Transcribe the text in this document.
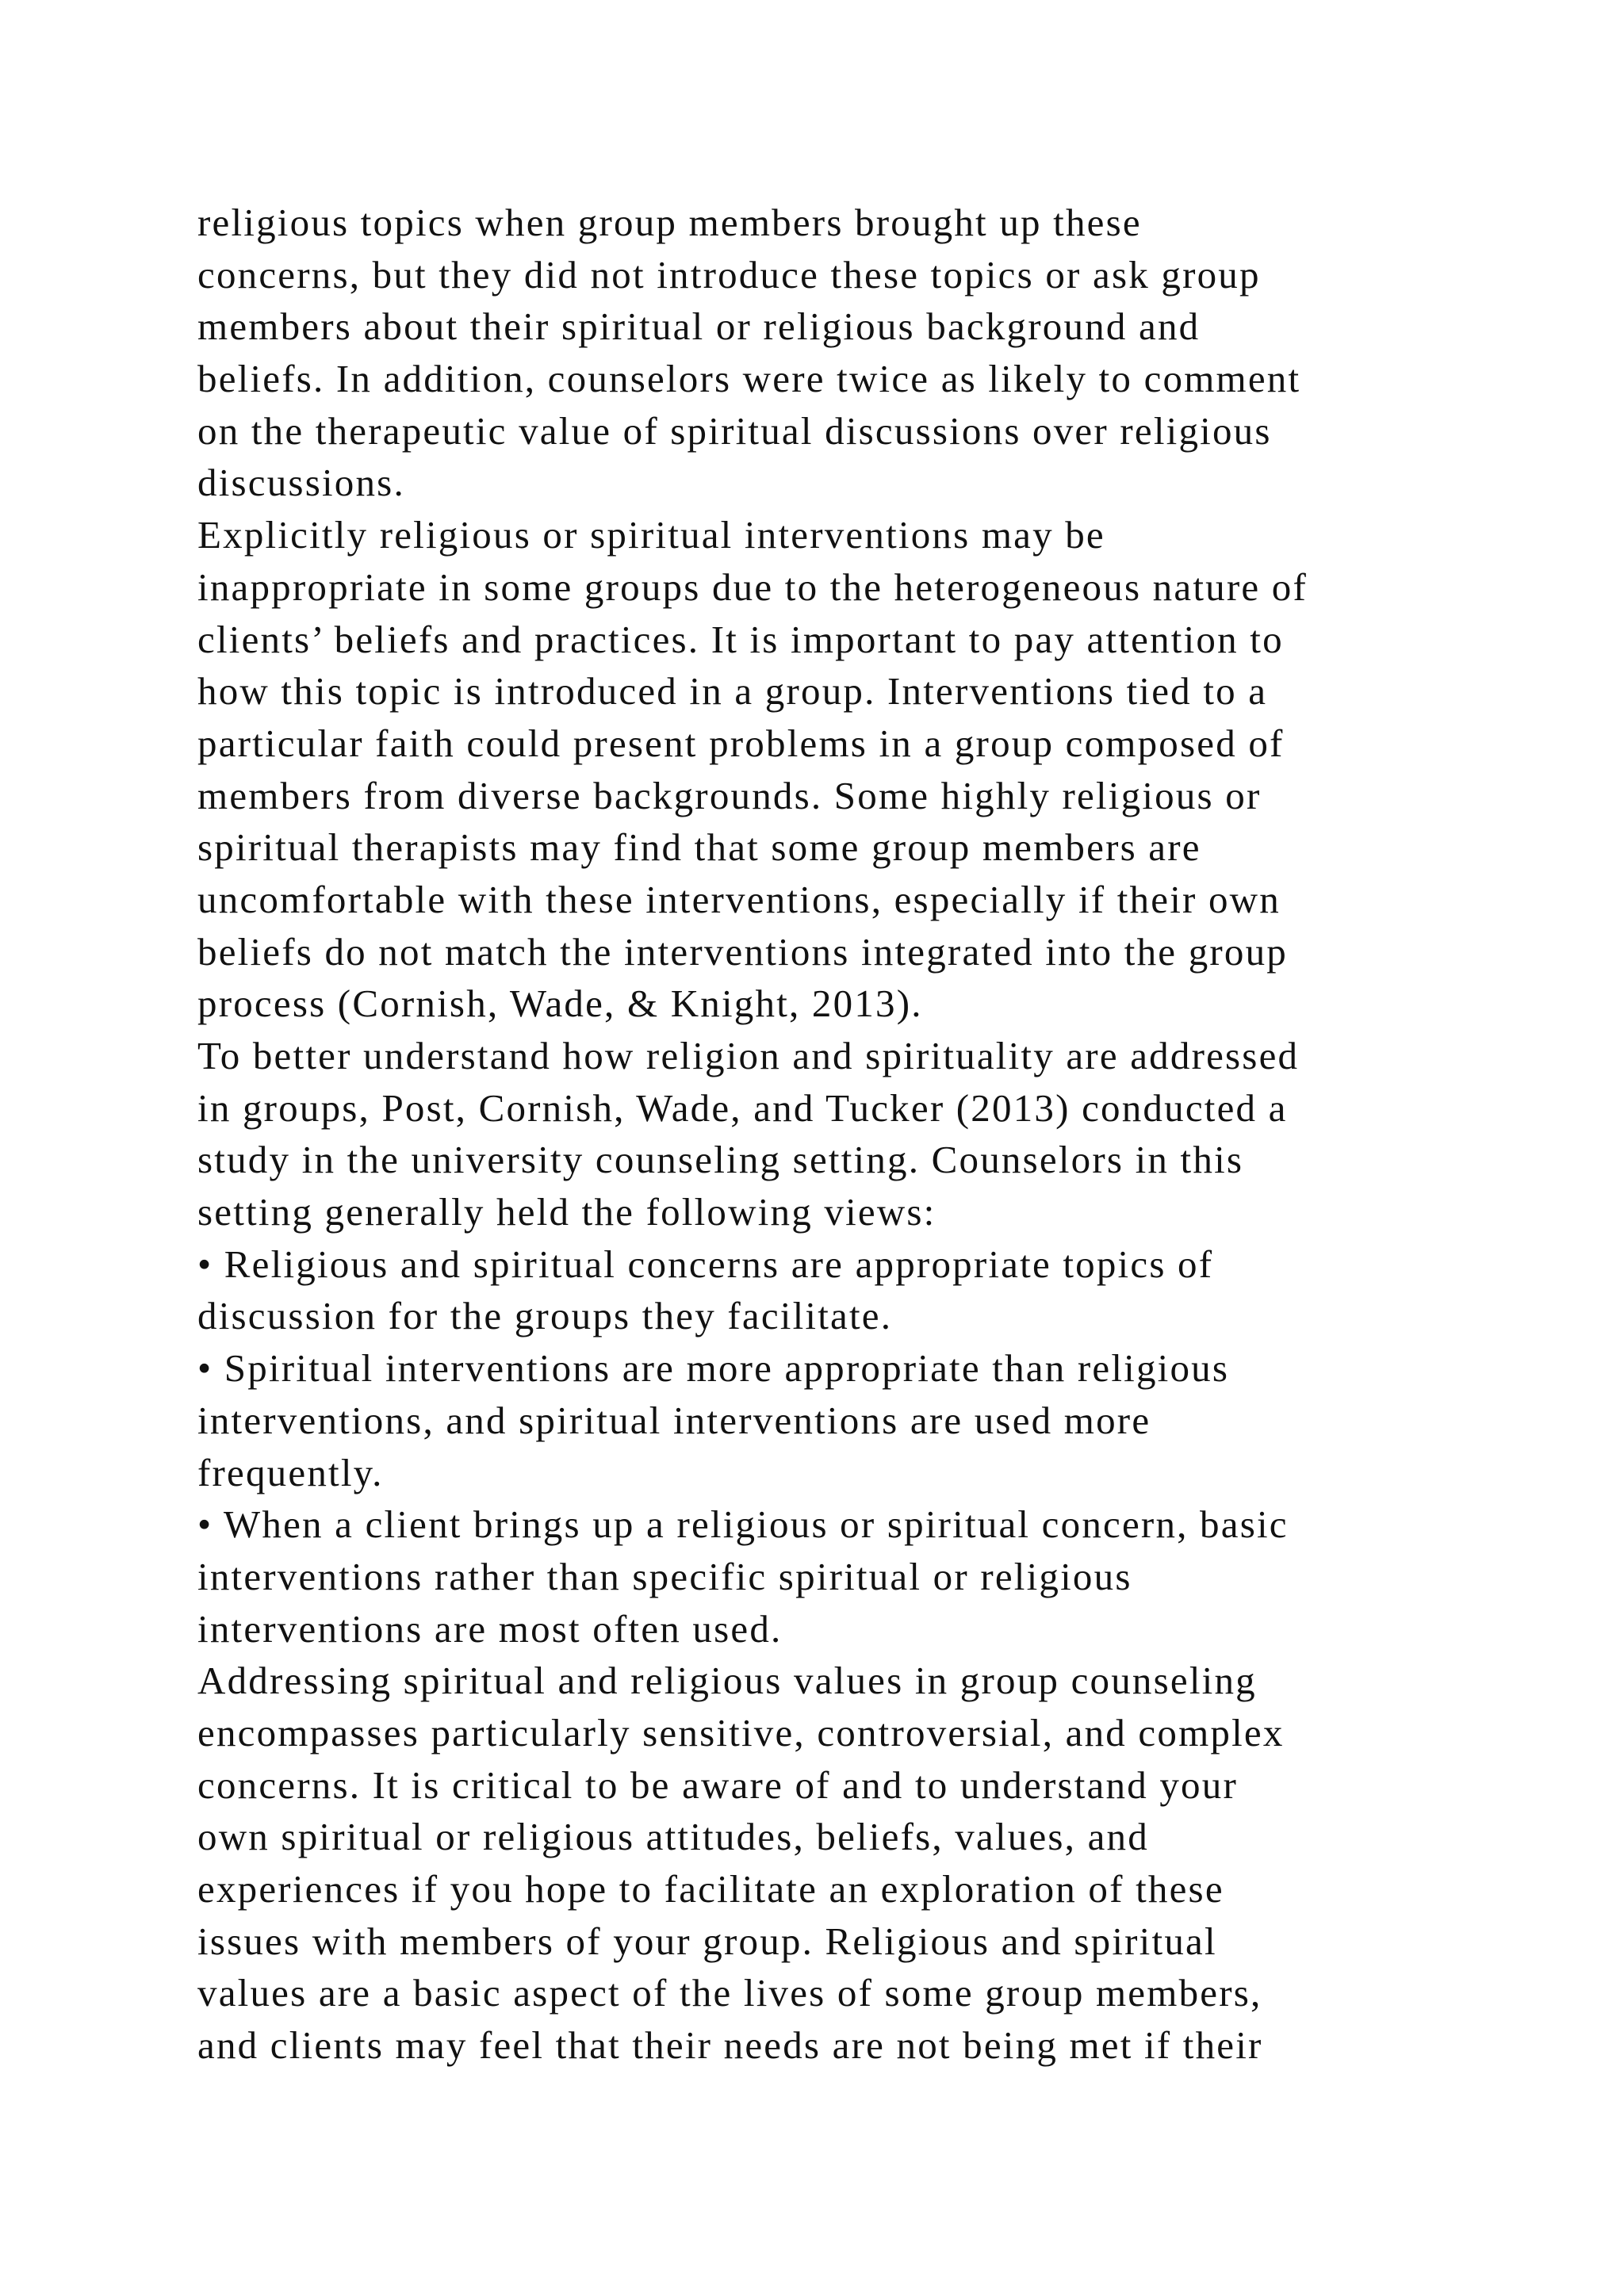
religious topics when group members brought up these
concerns, but they did not introduce these topics or ask group
members about their spiritual or religious background and
beliefs. In addition, counselors were twice as likely to comment
on the therapeutic value of spiritual discussions over religious
discussions.
Explicitly religious or spiritual interventions may be
inappropriate in some groups due to the heterogeneous nature of
clients’ beliefs and practices. It is important to pay attention to
how this topic is introduced in a group. Interventions tied to a
particular faith could present problems in a group composed of
members from diverse backgrounds. Some highly religious or
spiritual therapists may find that some group members are
uncomfortable with these interventions, especially if their own
beliefs do not match the interventions integrated into the group
process (Cornish, Wade, & Knight, 2013).
To better understand how religion and spirituality are addressed
in groups, Post, Cornish, Wade, and Tucker (2013) conducted a
study in the university counseling setting. Counselors in this
setting generally held the following views:
• Religious and spiritual concerns are appropriate topics of
discussion for the groups they facilitate.
• Spiritual interventions are more appropriate than religious
interventions, and spiritual interventions are used more
frequently.
• When a client brings up a religious or spiritual concern, basic
interventions rather than specific spiritual or religious
interventions are most often used.
Addressing spiritual and religious values in group counseling
encompasses particularly sensitive, controversial, and complex
concerns. It is critical to be aware of and to understand your
own spiritual or religious attitudes, beliefs, values, and
experiences if you hope to facilitate an exploration of these
issues with members of your group. Religious and spiritual
values are a basic aspect of the lives of some group members,
and clients may feel that their needs are not being met if their
